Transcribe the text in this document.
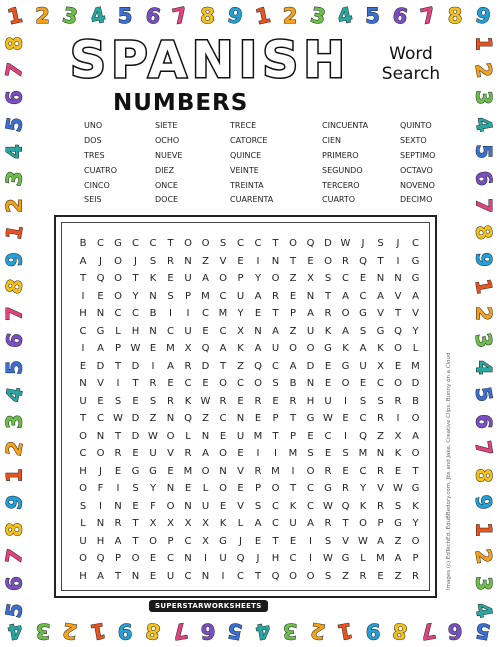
1 2 3 4 5 6 7 8 9 1 2 3 4 5 6 7 8 9
1
2
3
4
5
6
7
8
9
1
2
3
4
5
6
7
8
9
1
2
3
4
5
6
7
8
9
1
2
3
4
5
6
7
8
9
1
2
3
4
5
6
7
8
9
1
2
3
4
5
6
7
8
9
1
2
3
4
5
6
7
8 SPANISH
NUMBERS
Word
Search
UNO
DOS
TRES
CUATRO
CINCO
SEIS
SIETE
OCHO
NUEVE
DIEZ
ONCE
DOCE
TRECE
CATORCE
QUINCE
VEINTE
TREINTA
CUARENTA
CINCUENTA
CIEN
PRIMERO
SEGUNDO
TERCERO
CUARTO
QUINTO
SEXTO
SEPTIMO
OCTAVO
NOVENO
DECIMO
B	C	G	C	C	T	O O	S	C	C	T	O Q D W	J	S	J	C
A	J	O	J	S	R	N	Z	V	E	I	N	T	E	O	R	Q	T	I	G
T	Q O	T	K	E	U	A	O	P	Y	O	Z	X	S	C	E	N	N G
I	E	O	Y	N	S	P	M C	U	A	R	E	N	T	A	C	A	V	A
H N	C	C	B	I	I	C M	Y	E	T	P	A	R	O G	V	T	V
C	G	L	H N	C	U	E	C	X	N	A	Z	U	K	A	S	G Q	Y
I	A	P W E	M X	Q	A	K	A	U O O G	K	A	K	O	L
E	D	T	D	I	A	R	D	T	Z	Q	C	A	D	E	G U	X	E	M
N	V	I	T	R	E	C	E	O	C	O	S	B	N	E	O	E	C	O D
U	E	S	E	S	R	K W R	E	R	E	R	H	U	I	S	S	R	B
T	C W D	Z	N Q	Z	C	N	E	P	T	G W E	C	R	I	O
O N	T	D W O	L	N	E	U M	T	P	E	C	I	Q	Z	X	A
C	O	R	E	U	V	R	A	O	E	I	I	M	S	E	S	M N	K	O
H	J	E	G G	E	M O N	V	R M	I	O	R	E	C	R	E	T
O	F	I	S	Y	N	E	L	O	E	P	O	T	C	G	R	Y	V W G
S	I	N	E	F	O N	U	E	V	S	C	K	C W Q	K	R	S	K
L	N	R	T	X	X	X	X	K	L	A	C	U	A	R	T	O	P	G	Y
U	H	A	T	O	P	C	X	G	J	E	T	E	I	S	V W A	Z	O
O Q	P	O	E	C	N	I	U Q	J	H	C	I	W G	L	M A	P
H	A	T	N	E	U	C	N	I	C	T	Q O O	S	Z	R	E	Z	R
SUPERSTARWORKSHEETS
Images (c) EdTechEd, EduBBedory.com, Jbs and Jake, Creative Clips, Bunny on a Cloud
